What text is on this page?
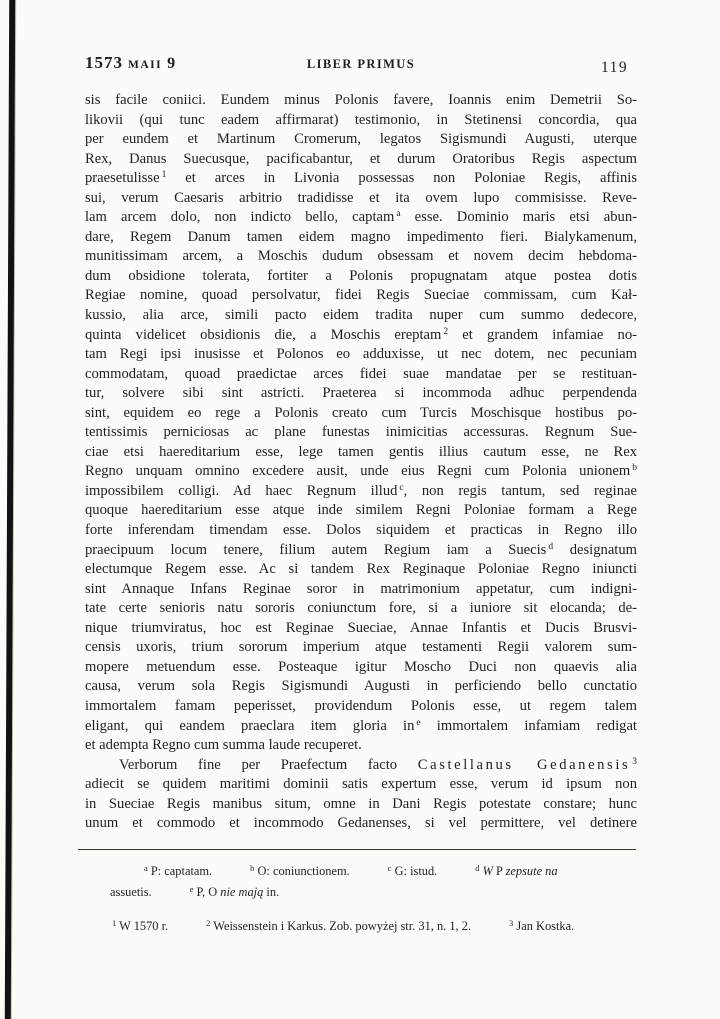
1573 MAII 9	LIBER PRIMUS	119
sis facile coniici. Eundem minus Polonis favere, Ioannis enim Demetrii So-
likovii (qui tunc eadem affirmarat) testimonio, in Stetinensi concordia, qua
per eundem et Martinum Cromerum, legatos Sigismundi Augusti, uterque
Rex, Danus Suecusque, pacificabantur, et durum Oratoribus Regis aspectum
praesetulisse $^1$ et arces in Livonia possessas non Poloniae Regis, affinis
sui, verum Caesaris arbitrio tradidisse et ita ovem lupo commisisse. Reve-
lam arcem dolo, non indicto bello, captam $^a$ esse. Dominio maris etsi abun-
dare, Regem Danum tamen eidem magno impedimento fieri. Bialykamenum,
munitissimam arcem, a Moschis dudum obsessam et novem decim hebdoma-
dum obsidione tolerata, fortiter a Polonis propugnatam atque postea dotis
Regiae nomine, quoad persolvatur, fidei Regis Sueciae commissam, cum Kał-
kussio, alia arce, simili pacto eidem tradita nuper cum summo dedecore,
quinta videlicet obsidionis die, a Moschis ereptam $^2$ et grandem infamiae no-
tam Regi ipsi inusisse et Polonos eo adduxisse, ut nec dotem, nec pecuniam
commodatam, quoad praedictae arces fidei suae mandatae per se restituan-
tur, solvere sibi sint astricti. Praeterea si incommoda adhuc perpendenda
sint, equidem eo rege a Polonis creato cum Turcis Moschisque hostibus po-
tentissimis perniciosas ac plane funestas inimicitias accessuras. Regnum Sue-
ciae etsi haereditarium esse, lege tamen gentis illius cautum esse, ne Rex
Regno unquam omnino excedere ausit, unde eius Regni cum Polonia unionem $^b$
impossibilem colligi. Ad haec Regnum illud $^c$, non regis tantum, sed reginae
quoque haereditarium esse atque inde similem Regni Poloniae formam a Rege
forte inferendam timendam esse. Dolos siquidem et practicas in Regno illo
praecipuum locum tenere, filium autem Regium iam a Suecis $^d$ designatum
electumque Regem esse. Ac si tandem Rex Reginaque Poloniae Regno iniuncti
sint Annaque Infans Reginae soror in matrimonium appetatur, cum indigni-
tate certe senioris natu sororis coniunctum fore, si a iuniore sit elocanda; de-
nique triumviratus, hoc est Reginae Sueciae, Annae Infantis et Ducis Brusvi-
censis uxoris, trium sororum imperium atque testamenti Regii valorem sum-
mopere metuendum esse. Posteaque igitur Moscho Duci non quaevis alia
causa, verum sola Regis Sigismundi Augusti in perficiendo bello cunctatio
immortalem famam peperisset, providendum Polonis esse, ut regem talem
eligant, qui eandem praeclara item gloria in $^e$ immortalem infamiam redigat
et adempta Regno cum summa laude recuperet.
Verborum fine per Praefectum facto Castellanus Gedanensis $^3$
adiecit se quidem maritimi dominii satis expertum esse, verum id ipsum non
in Sueciae Regis manibus situm, omne in Dani Regis potestate constare; hunc
unum et commodo et incommodo Gedanenses, si vel permittere, vel detinere
$^a$ P: captatam.	$^b$ O: coniunctionem.	$^c$ G: istud.	$^d$ W P zepsute na
assuetis.	$^e$ P, O nie mają in.
$^1$ W 1570 r.	$^2$ Weissenstein i Karkus. Zob. powyżej str. 31, n. 1, 2.	$^3$ Jan Kostka.
